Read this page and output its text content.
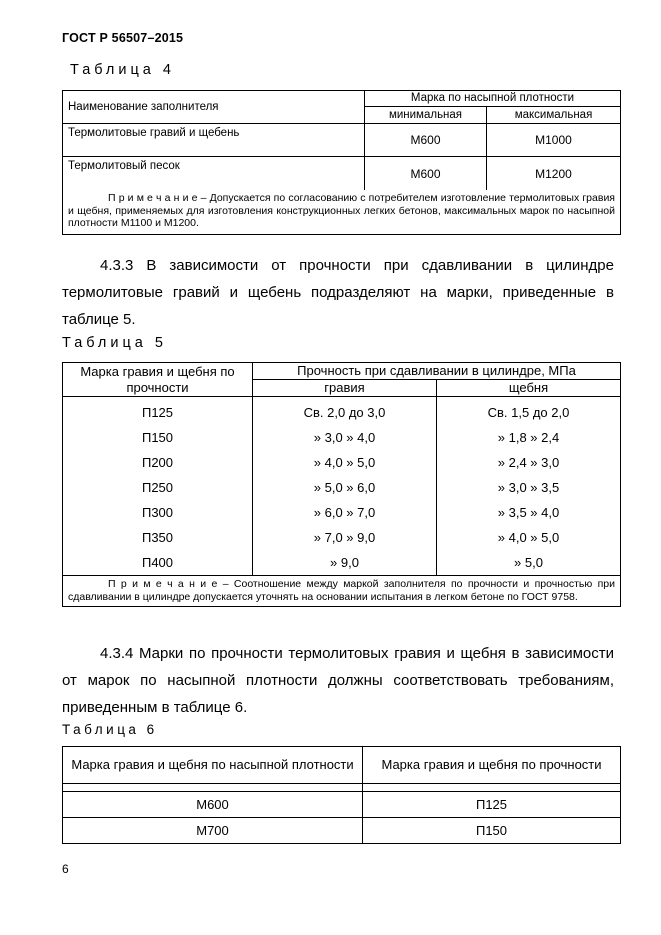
ГОСТ Р 56507–2015
Таблица 4
Наименование заполнителя	Марка по насыпной плотности	
	минимальная	максимальная
Термолитовые гравий и щебень	М600	М1000
Термолитовый песок	М600	М1200
П р и м е ч а н и е – Допускается по согласованию с потребителем изготовление термолитовых гравия и щебня, применяемых для изготовления конструкционных легких бетонов, максимальных марок по насыпной плотности М1100 и М1200.		
4.3.3 В зависимости от прочности при сдавливании в цилиндре термолитовые гравий и щебень подразделяют на марки, приведенные в таблице 5.
Таблица 5
Марка гравия и щебня по прочности	Прочность при сдавливании в цилиндре, МПа	
	гравия	щебня
П125	Св. 2,0 до 3,0	Св. 1,5 до 2,0
П150	» 3,0 » 4,0	» 1,8 » 2,4
П200	» 4,0 » 5,0	» 2,4 » 3,0
П250	» 5,0 » 6,0	» 3,0 » 3,5
П300	» 6,0 » 7,0	» 3,5 » 4,0
П350	» 7,0 » 9,0	» 4,0 » 5,0
П400	» 9,0	» 5,0
П р и м е ч а н и е – Соотношение между маркой заполнителя по прочности и прочностью при сдавливании в цилиндре допускается уточнять на основании испытания в легком бетоне по ГОСТ 9758.		
4.3.4 Марки по прочности термолитовых гравия и щебня в зависимости от марок по насыпной плотности должны соответствовать требованиям, приведенным в таблице 6.
Таблица 6
Марка гравия и щебня по насыпной плотности	Марка гравия и щебня по прочности

М600	П125
М700	П150
6
